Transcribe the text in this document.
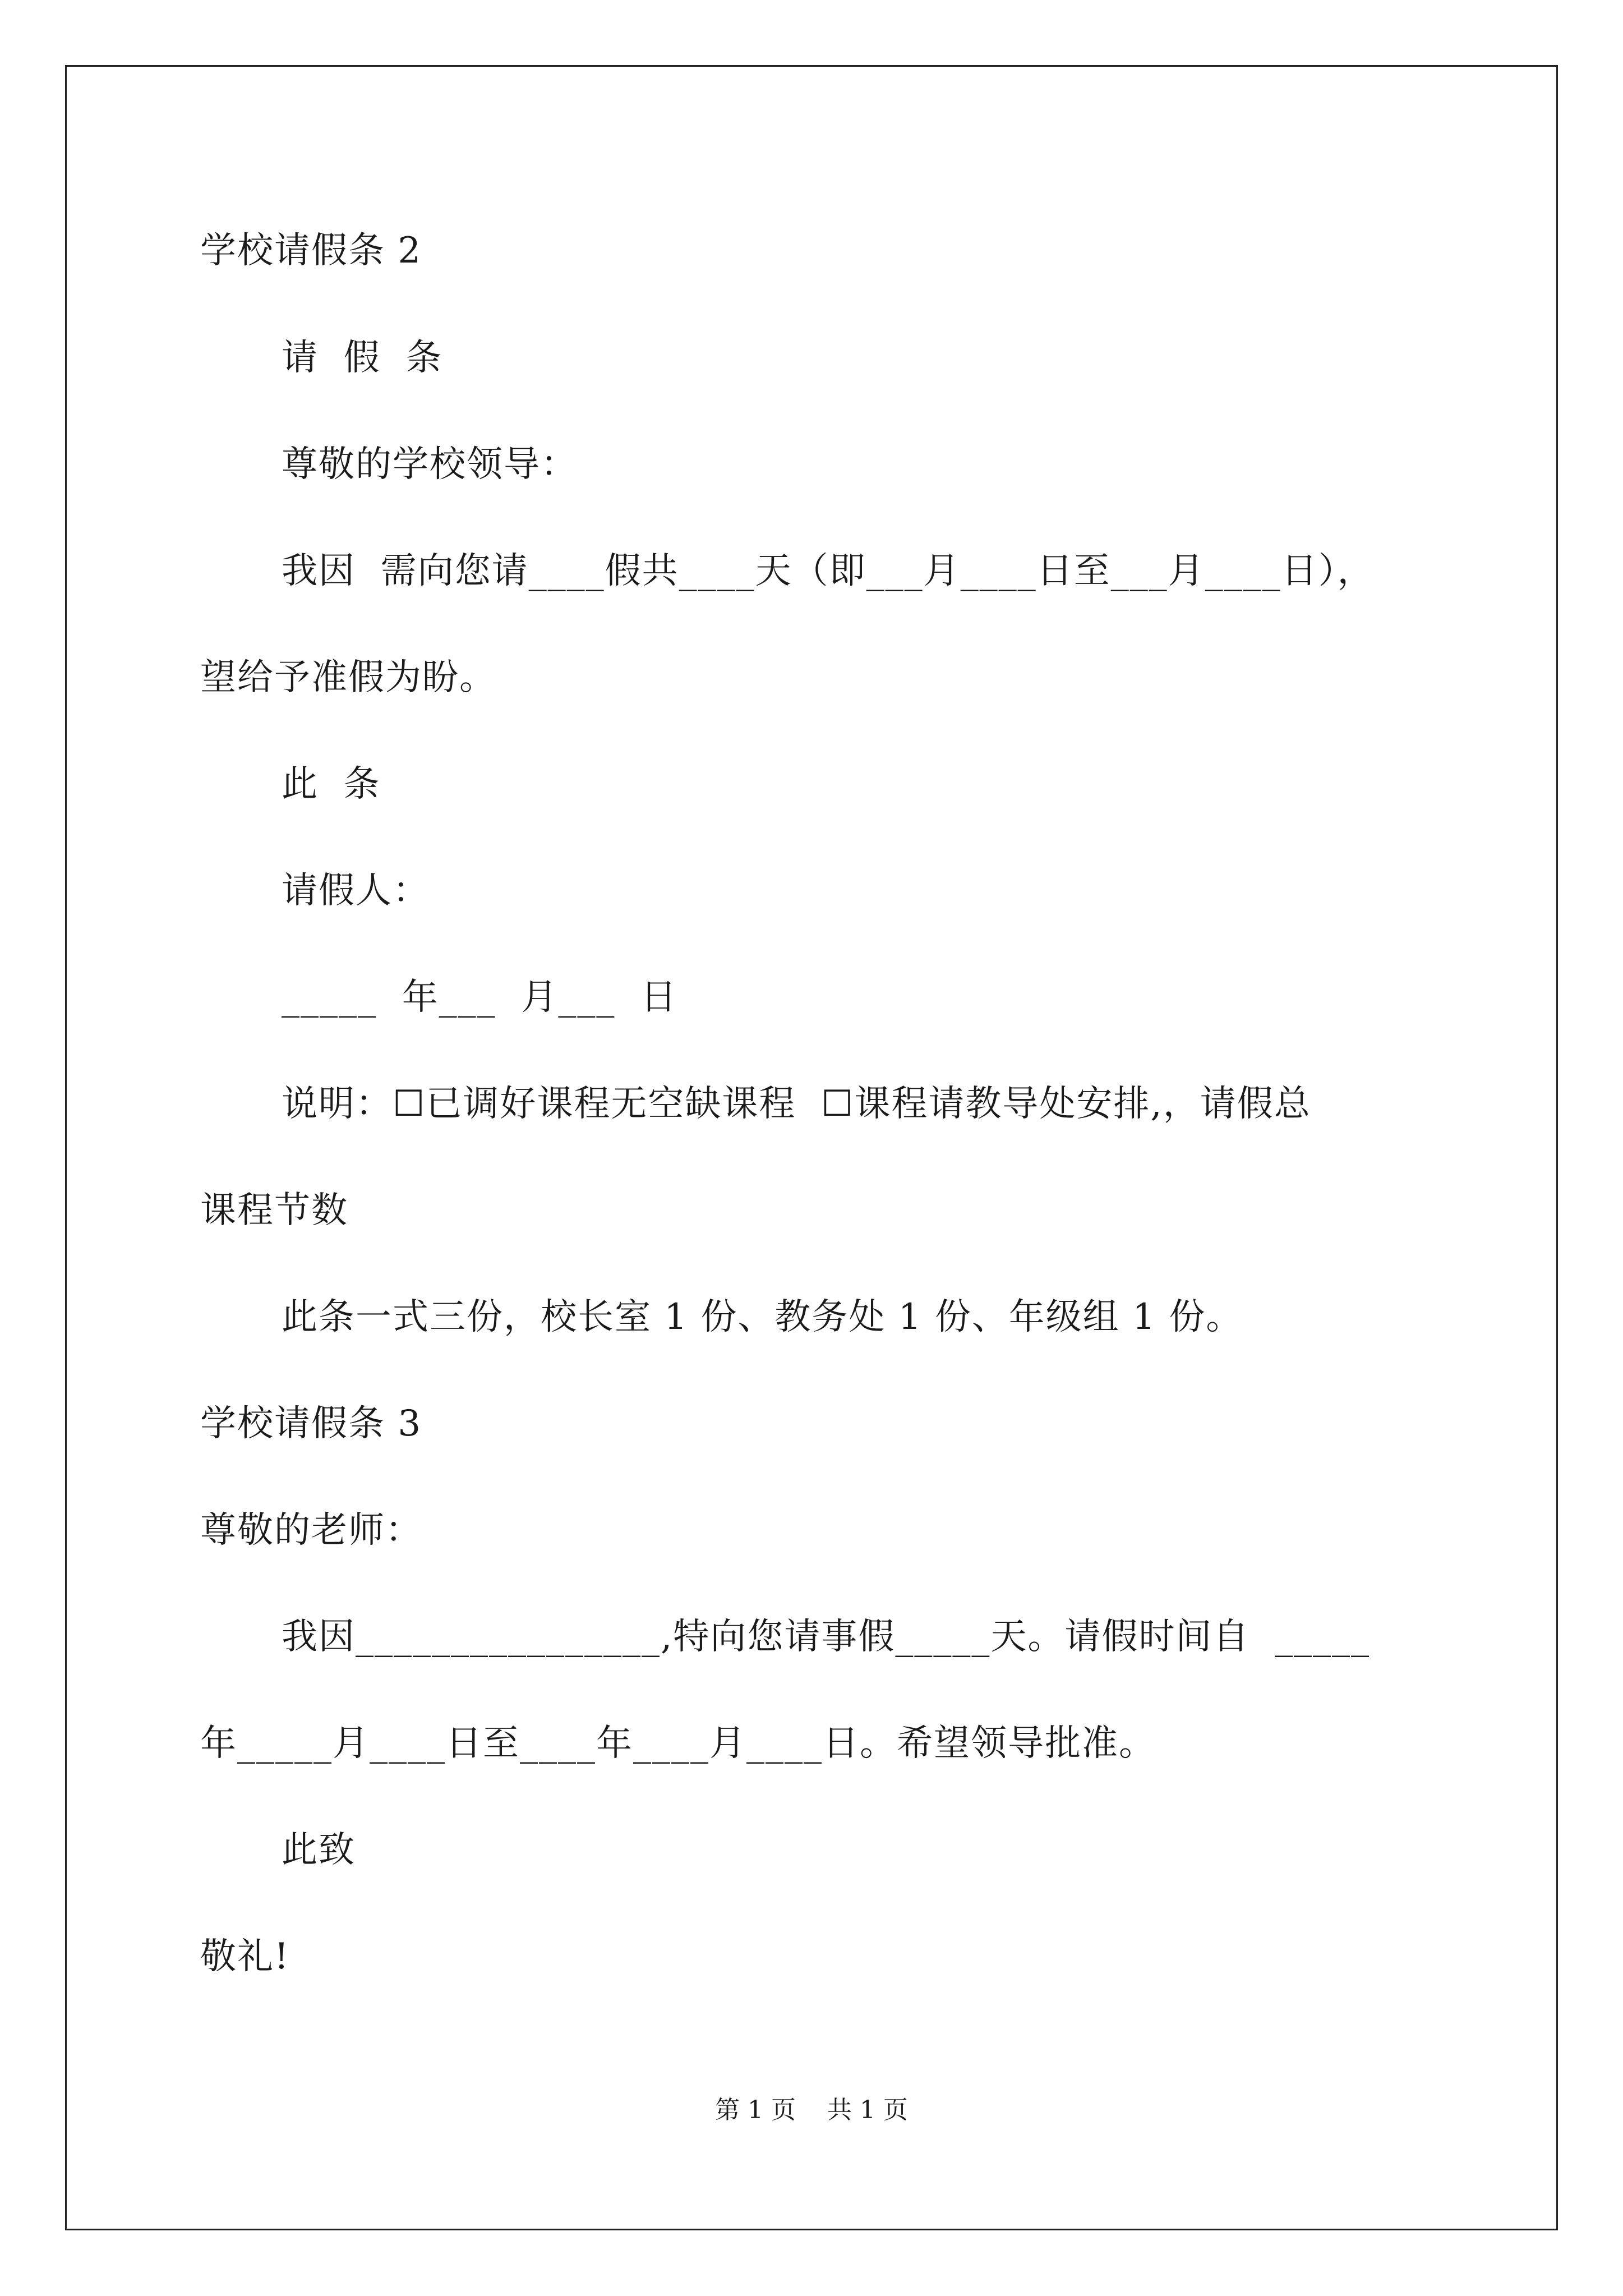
学校请假条 2
请  假  条
尊敬的学校领导：
我因  需向您请____假共____天（即___月____日至___月____日），
望给予准假为盼。
此  条
请假人：
_____  年___  月___  日
说明：☐已调好课程无空缺课程  ☐课程请教导处安排,，请假总
课程节数
此条一式三份，校长室 1 份、教务处 1 份、年级组 1 份。
学校请假条 3
尊敬的老师：
我因________________,特向您请事假_____天。请假时间自  _____
年_____月____日至____年____月____日。希望领导批准。
此致
敬礼!
第 1 页    共 1 页
